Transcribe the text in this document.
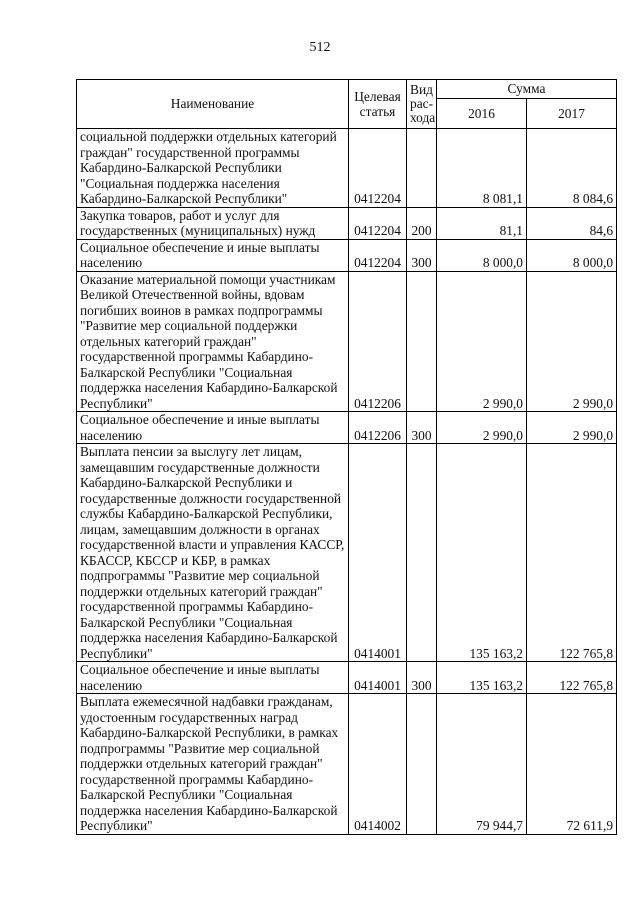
512
Наименование	Целевая статья	Вид расхода	Сумма	
			2016	2017
социальной поддержки отдельных категорий граждан" государственной программы Кабардино-Балкарской Республики "Социальная поддержка населения Кабардино-Балкарской Республики"	0412204		8 081,1	8 084,6
Закупка товаров, работ и услуг для государственных (муниципальных) нужд	0412204	200	81,1	84,6
Социальное обеспечение и иные выплаты населению	0412204	300	8 000,0	8 000,0
Оказание материальной помощи участникам Великой Отечественной войны, вдовам погибших воинов в рамках подпрограммы "Развитие мер социальной поддержки отдельных категорий граждан" государственной программы Кабардино-Балкарской Республики "Социальная поддержка населения Кабардино-Балкарской Республики"	0412206		2 990,0	2 990,0
Социальное обеспечение и иные выплаты населению	0412206	300	2 990,0	2 990,0
Выплата пенсии за выслугу лет лицам, замещавшим государственные должности Кабардино-Балкарской Республики и государственные должности государственной службы Кабардино-Балкарской Республики, лицам, замещавшим должности в органах государственной власти и управления КАССР, КБАССР, КБССР и КБР, в рамках подпрограммы "Развитие мер социальной поддержки отдельных категорий граждан" государственной программы Кабардино-Балкарской Республики "Социальная поддержка населения Кабардино-Балкарской Республики"	0414001		135 163,2	122 765,8
Социальное обеспечение и иные выплаты населению	0414001	300	135 163,2	122 765,8
Выплата ежемесячной надбавки гражданам, удостоенным государственных наград Кабардино-Балкарской Республики, в рамках подпрограммы "Развитие мер социальной поддержки отдельных категорий граждан" государственной программы Кабардино-Балкарской Республики "Социальная поддержка населения Кабардино-Балкарской Республики"	0414002		79 944,7	72 611,9
